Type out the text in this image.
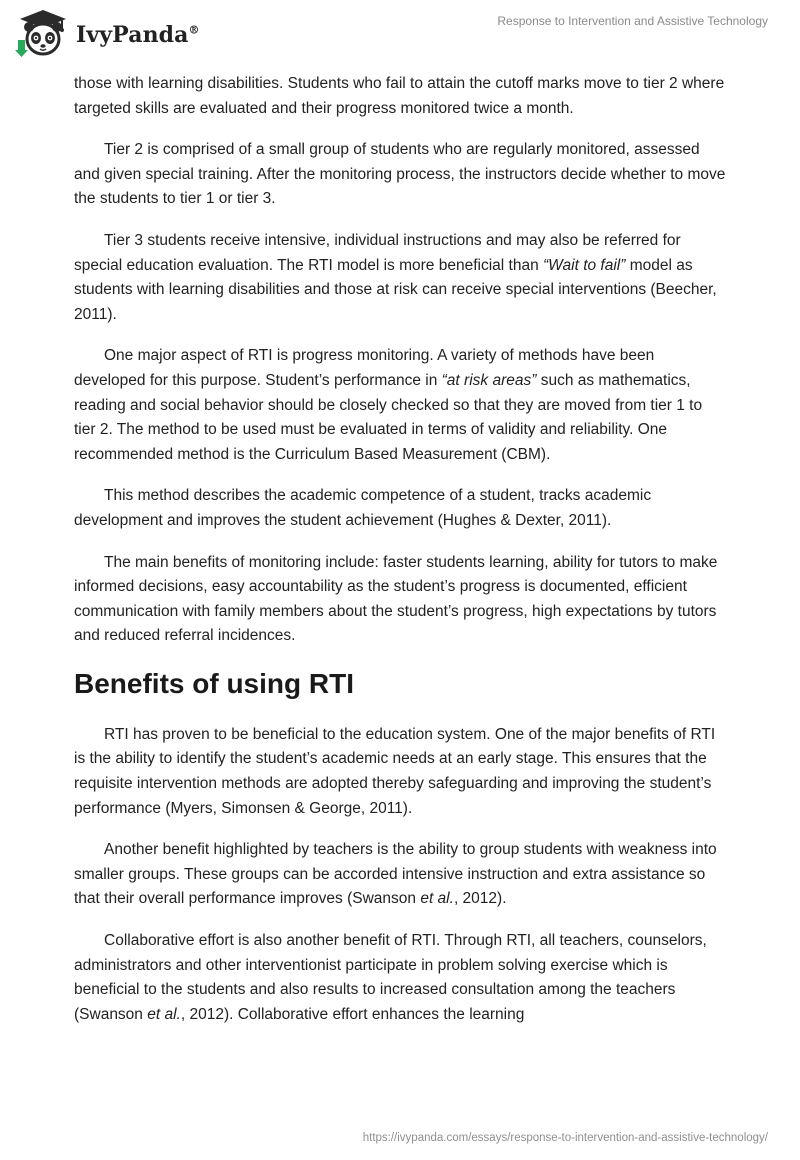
IvyPanda®
Response to Intervention and Assistive Technology

those with learning disabilities. Students who fail to attain the cutoff marks move to tier 2 where targeted skills are evaluated and their progress monitored twice a month.

Tier 2 is comprised of a small group of students who are regularly monitored, assessed and given special training. After the monitoring process, the instructors decide whether to move the students to tier 1 or tier 3.

Tier 3 students receive intensive, individual instructions and may also be referred for special education evaluation. The RTI model is more beneficial than “Wait to fail” model as students with learning disabilities and those at risk can receive special interventions (Beecher, 2011).

One major aspect of RTI is progress monitoring. A variety of methods have been developed for this purpose. Student’s performance in “at risk areas” such as mathematics, reading and social behavior should be closely checked so that they are moved from tier 1 to tier 2. The method to be used must be evaluated in terms of validity and reliability. One recommended method is the Curriculum Based Measurement (CBM).

This method describes the academic competence of a student, tracks academic development and improves the student achievement (Hughes & Dexter, 2011).

The main benefits of monitoring include: faster students learning, ability for tutors to make informed decisions, easy accountability as the student’s progress is documented, efficient communication with family members about the student’s progress, high expectations by tutors and reduced referral incidences.

Benefits of using RTI

RTI has proven to be beneficial to the education system. One of the major benefits of RTI is the ability to identify the student’s academic needs at an early stage. This ensures that the requisite intervention methods are adopted thereby safeguarding and improving the student’s performance (Myers, Simonsen & George, 2011).

Another benefit highlighted by teachers is the ability to group students with weakness into smaller groups. These groups can be accorded intensive instruction and extra assistance so that their overall performance improves (Swanson et al., 2012).

Collaborative effort is also another benefit of RTI. Through RTI, all teachers, counselors, administrators and other interventionist participate in problem solving exercise which is beneficial to the students and also results to increased consultation among the teachers (Swanson et al., 2012). Collaborative effort enhances the learning

https://ivypanda.com/essays/response-to-intervention-and-assistive-technology/
